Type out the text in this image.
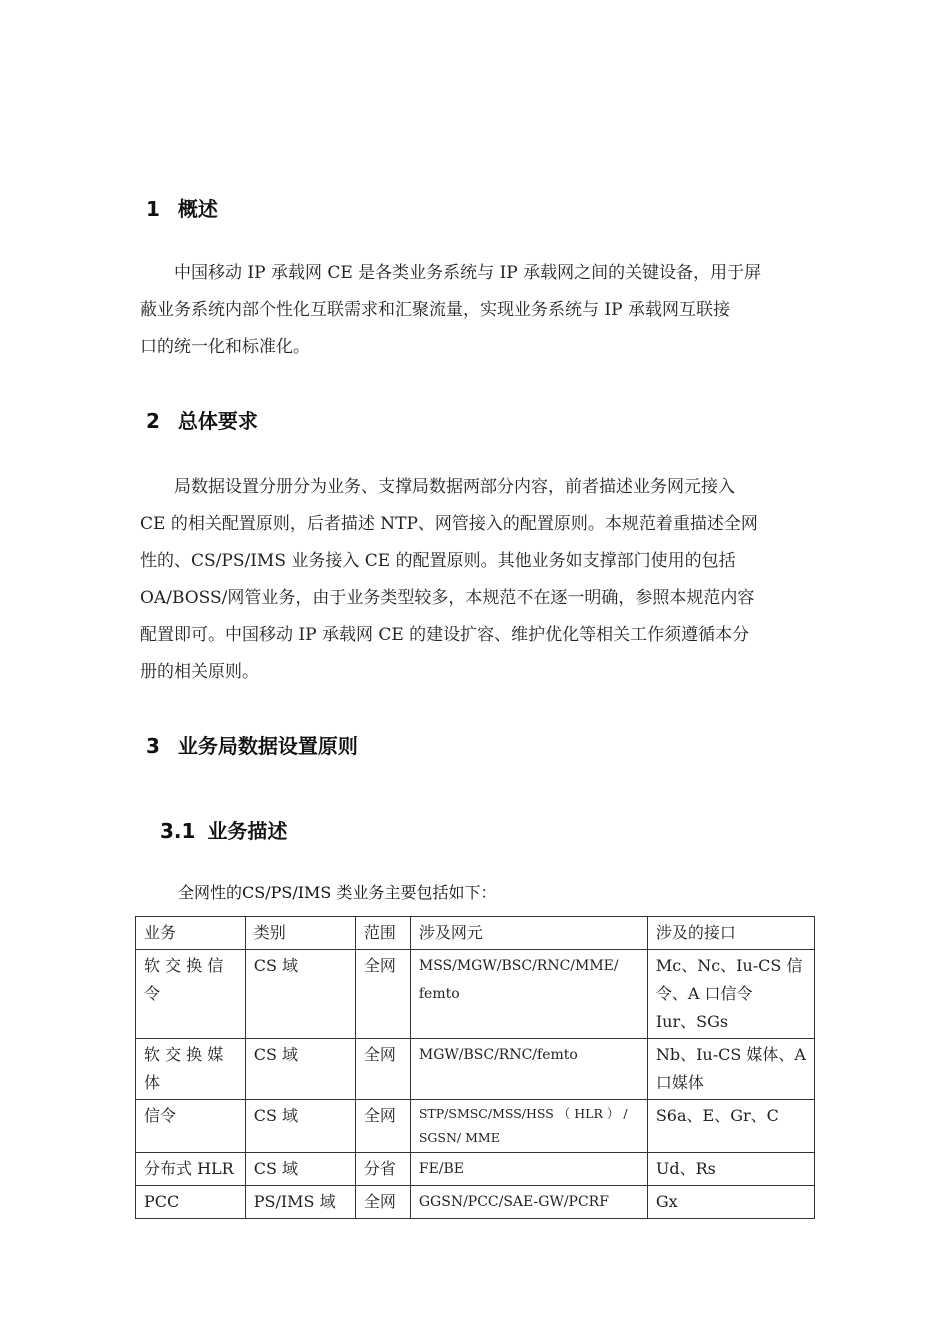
1 概述
　　中国移动 IP 承载网 CE 是各类业务系统与 IP 承载网之间的关键设备，用于屏
蔽业务系统内部个性化互联需求和汇聚流量，实现业务系统与 IP 承载网互联接
口的统一化和标准化。
2 总体要求
　　局数据设置分册分为业务、支撑局数据两部分内容，前者描述业务网元接入
CE 的相关配置原则，后者描述 NTP、网管接入的配置原则。本规范着重描述全网
性的、CS/PS/IMS 业务接入 CE 的配置原则。其他业务如支撑部门使用的包括
OA/BOSS/网管业务，由于业务类型较多，本规范不在逐一明确，参照本规范内容
配置即可。中国移动 IP 承载网 CE 的建设扩容、维护优化等相关工作须遵循本分
册的相关原则。
3 业务局数据设置原则
3.1 业务描述
全网性的CS/PS/IMS 类业务主要包括如下：
业务	类别	范围	涉及网元	涉及的接口

软 交 换 信
令	CS 域	全网	MSS/MGW/BSC/RNC/MME/
femto	Mc、Nc、Iu-CS 信
令、A 口信令
Iur、SGs

软 交 换 媒
体	CS 域	全网	MGW/BSC/RNC/femto	Nb、Iu-CS 媒体、A
口媒体

信令	CS 域	全网	STP/SMSC/MSS/HSS （ HLR ） /
SGSN/ MME	S6a、E、Gr、C

分布式 HLR	CS 域	分省	FE/BE	Ud、Rs

PCC	PS/IMS 域	全网	GGSN/PCC/SAE-GW/PCRF	Gx
